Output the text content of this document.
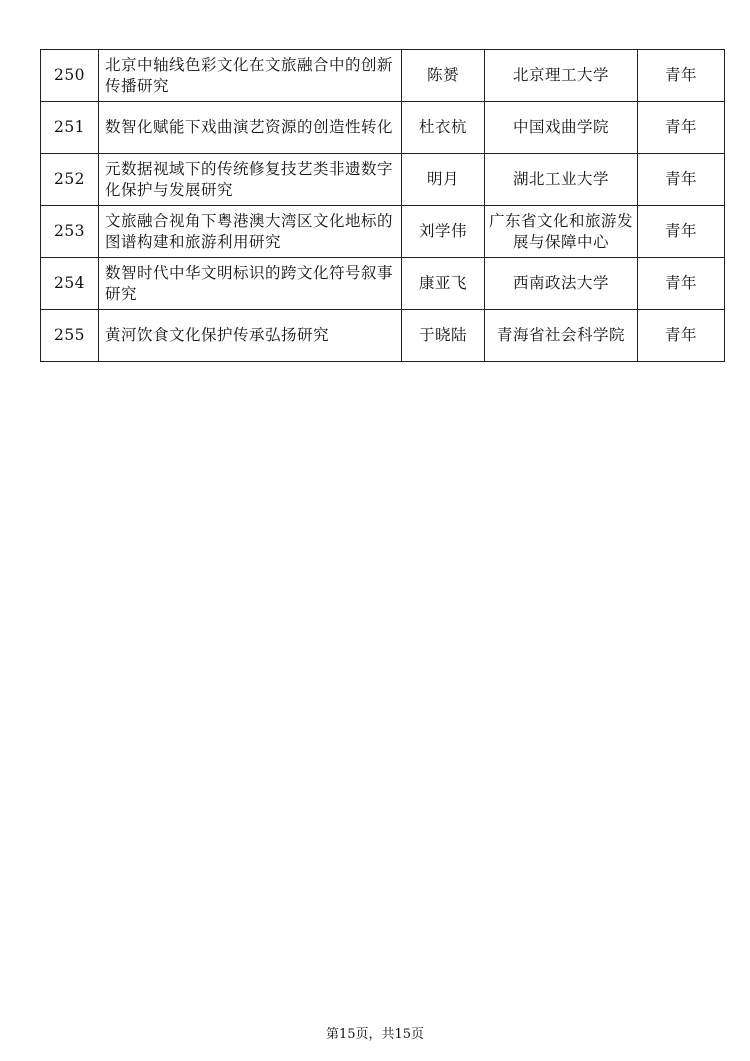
250	北京中轴线色彩文化在文旅融合中的创新传播研究	陈赟	北京理工大学	青年
251	数智化赋能下戏曲演艺资源的创造性转化	杜衣杭	中国戏曲学院	青年
252	元数据视域下的传统修复技艺类非遗数字化保护与发展研究	明月	湖北工业大学	青年
253	文旅融合视角下粤港澳大湾区文化地标的图谱构建和旅游利用研究	刘学伟	广东省文化和旅游发展与保障中心	青年
254	数智时代中华文明标识的跨文化符号叙事研究	康亚飞	西南政法大学	青年
255	黄河饮食文化保护传承弘扬研究	于晓陆	青海省社会科学院	青年
第15页，共15页
